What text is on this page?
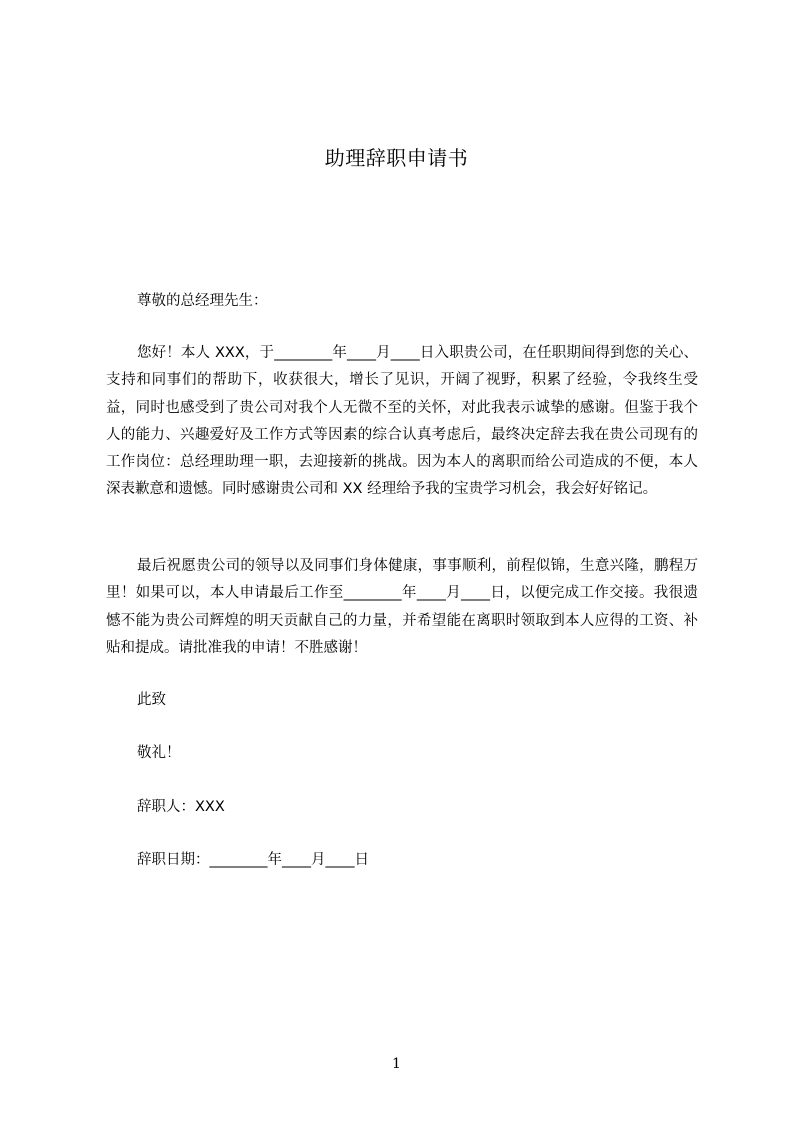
助理辞职申请书
尊敬的总经理先生：
您好！本人 XXX，于________年____月____日入职贵公司，在任职期间得到您的关心、支持和同事们的帮助下，收获很大，增长了见识，开阔了视野，积累了经验，令我终生受益，同时也感受到了贵公司对我个人无微不至的关怀，对此我表示诚挚的感谢。但鉴于我个人的能力、兴趣爱好及工作方式等因素的综合认真考虑后，最终决定辞去我在贵公司现有的工作岗位：总经理助理一职，去迎接新的挑战。因为本人的离职而给公司造成的不便，本人深表歉意和遗憾。同时感谢贵公司和 XX 经理给予我的宝贵学习机会，我会好好铭记。
最后祝愿贵公司的领导以及同事们身体健康，事事顺利，前程似锦，生意兴隆，鹏程万里！如果可以，本人申请最后工作至________年____月____日，以便完成工作交接。我很遗憾不能为贵公司辉煌的明天贡献自己的力量，并希望能在离职时领取到本人应得的工资、补贴和提成。请批准我的申请！不胜感谢！
此致
敬礼！
辞职人：XXX
辞职日期：________年____月____日
1
